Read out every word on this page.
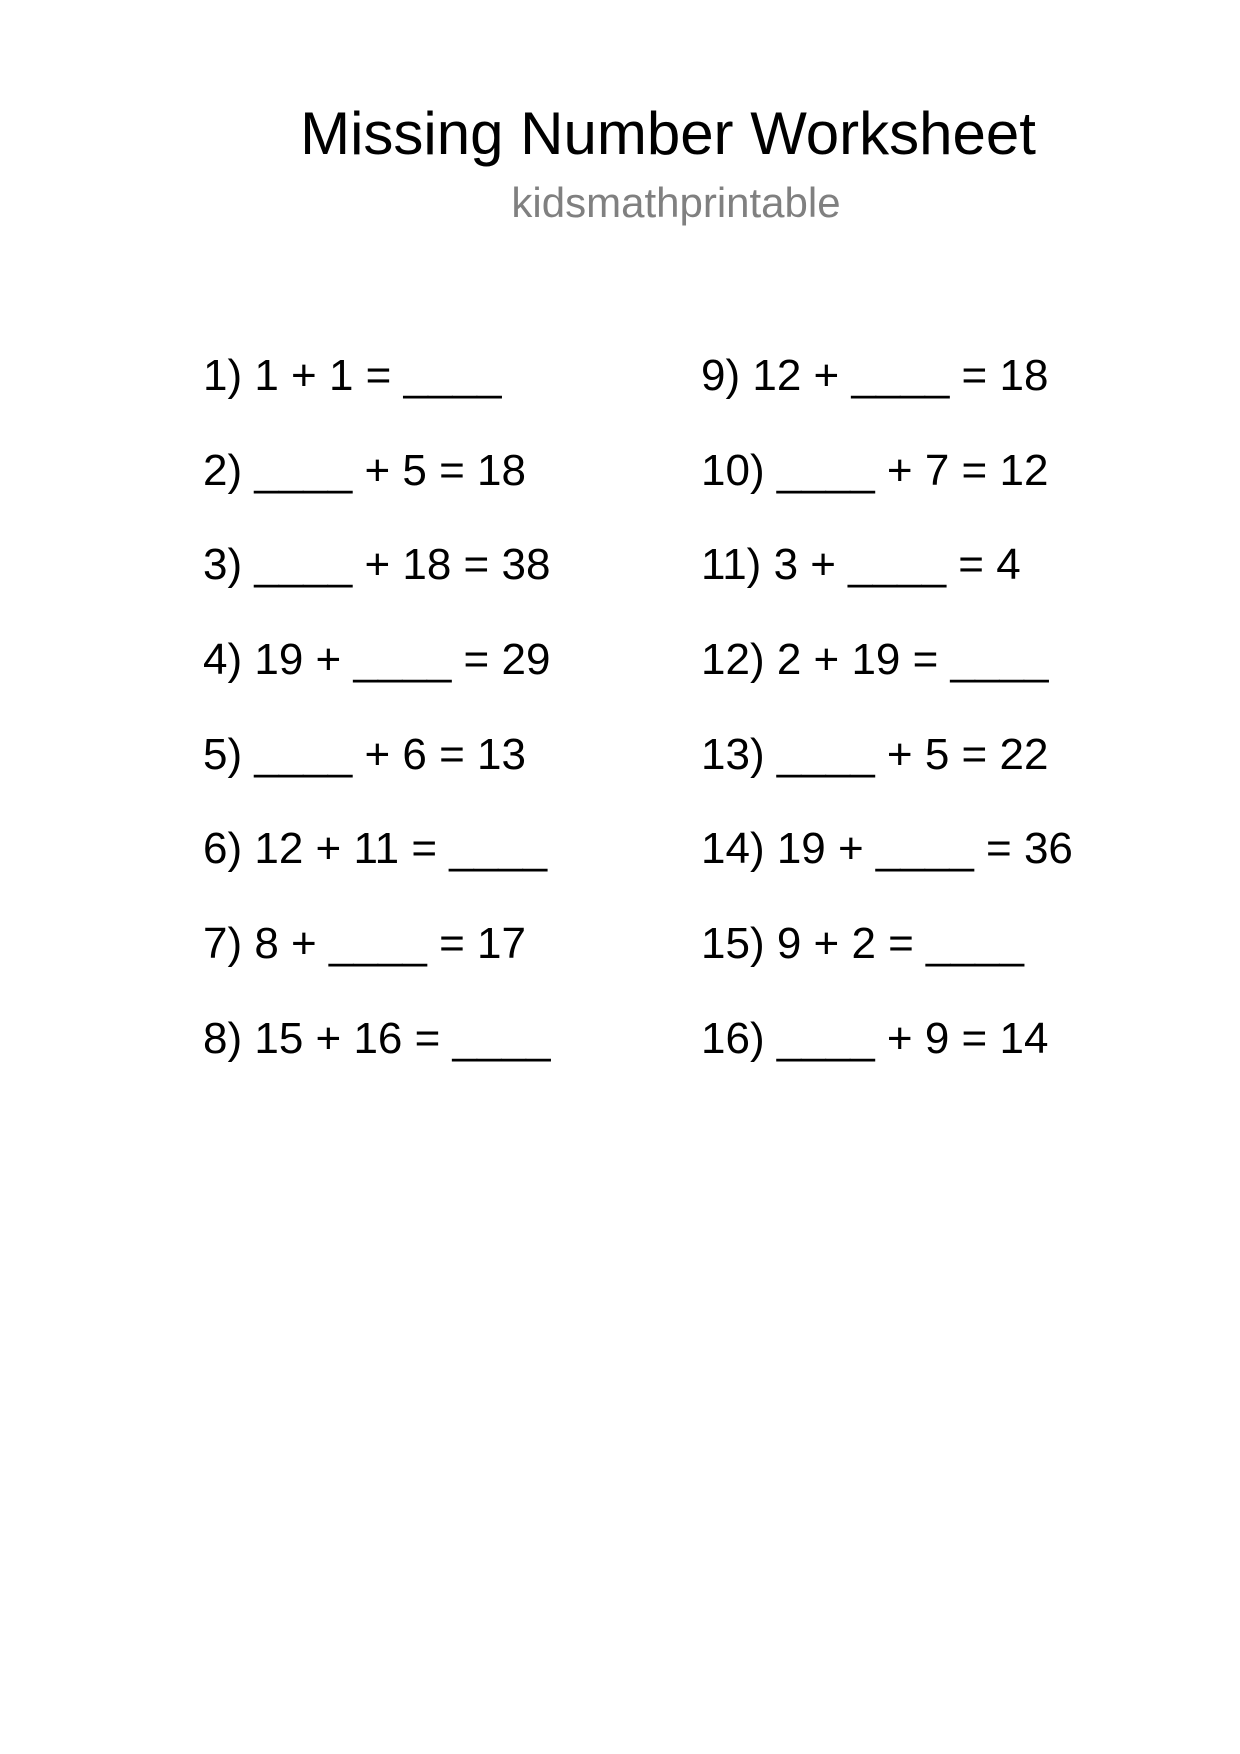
Missing Number Worksheet
kidsmathprintable
1) 1 + 1 = ____
2) ____ + 5 = 18
3) ____ + 18 = 38
4) 19 + ____ = 29
5) ____ + 6 = 13
6) 12 + 11 = ____
7) 8 + ____ = 17
8) 15 + 16 = ____
9) 12 + ____ = 18
10) ____ + 7 = 12
11) 3 + ____ = 4
12) 2 + 19 = ____
13) ____ + 5 = 22
14) 19 + ____ = 36
15) 9 + 2 = ____
16) ____ + 9 = 14
